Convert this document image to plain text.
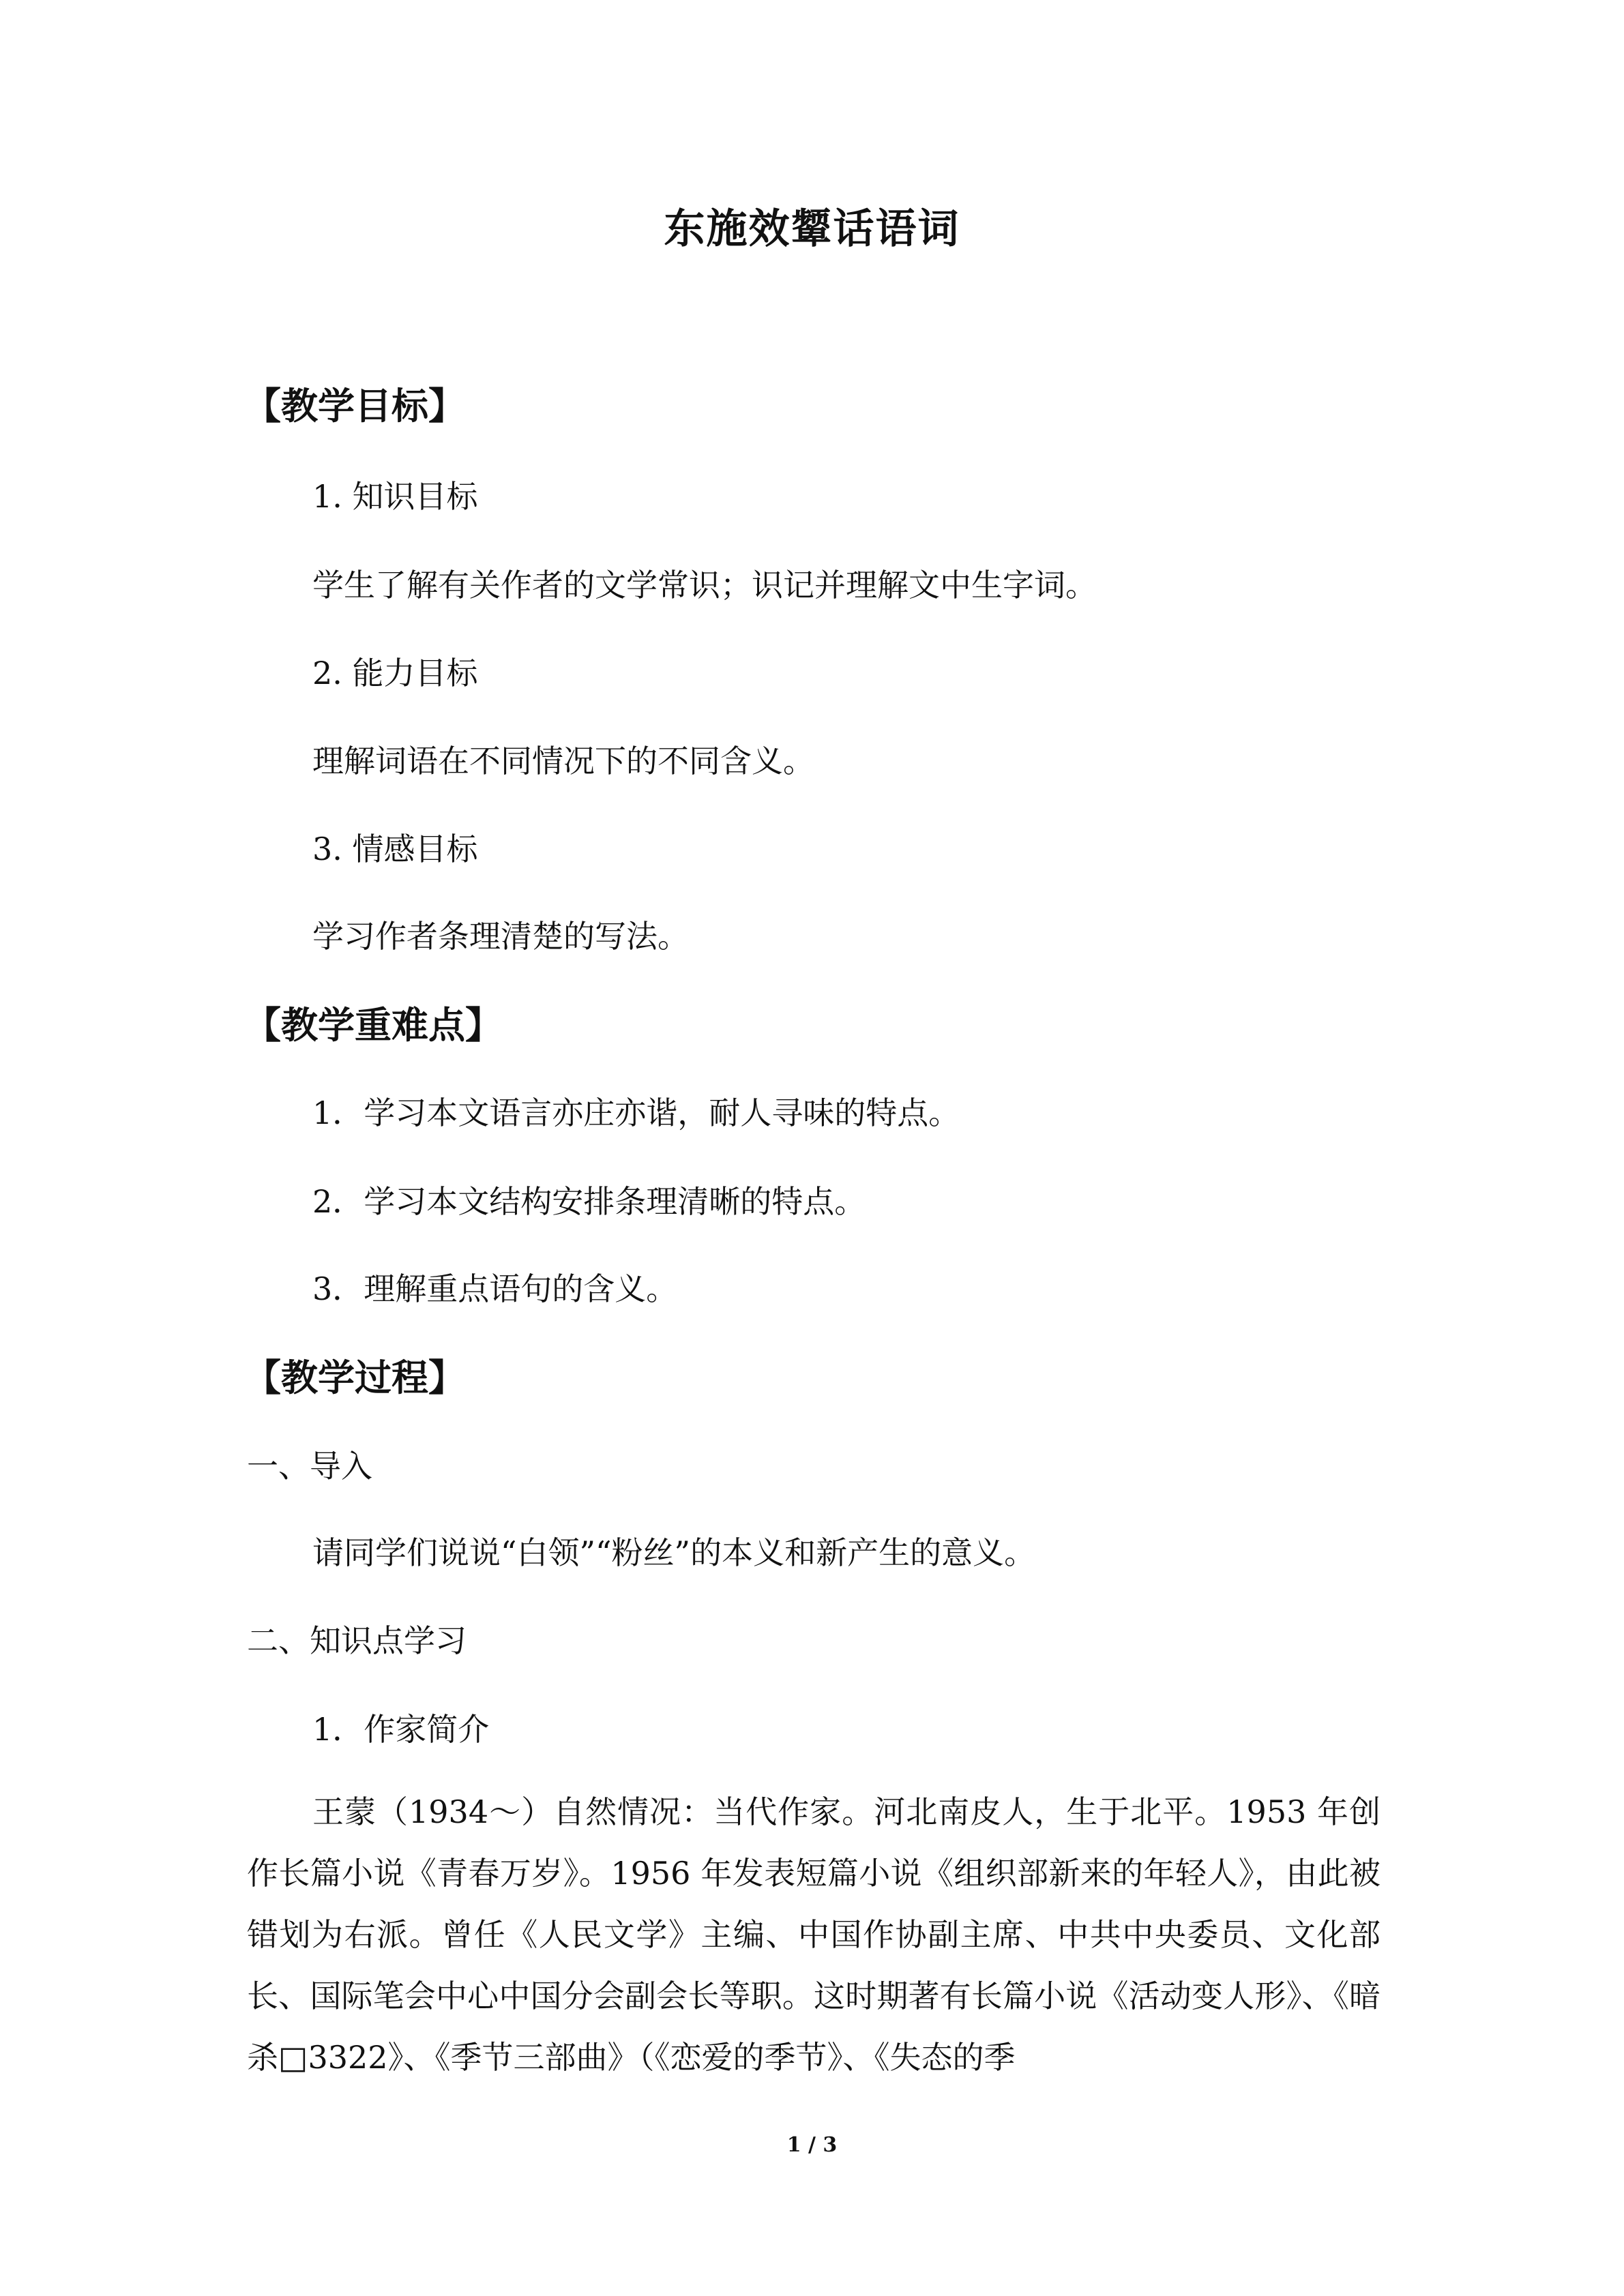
东施效颦话语词
【教学目标】
1. 知识目标
学生了解有关作者的文学常识；识记并理解文中生字词。
2. 能力目标
理解词语在不同情况下的不同含义。
3. 情感目标
学习作者条理清楚的写法。
【教学重难点】
1．学习本文语言亦庄亦谐，耐人寻味的特点。
2．学习本文结构安排条理清晰的特点。
3．理解重点语句的含义。
【教学过程】
一、导入
请同学们说说“白领”“粉丝”的本义和新产生的意义。
二、知识点学习
1．作家简介
王蒙（1934～）自然情况：当代作家。河北南皮人，生于北平。1953 年创作长篇小说《青春万岁》。1956 年发表短篇小说《组织部新来的年轻人》，由此被错划为右派。曾任《人民文学》主编、中国作协副主席、中共中央委员、文化部长、国际笔会中心中国分会副会长等职。这时期著有长篇小说《活动变人形》、《暗杀□3322》、《季节三部曲》（《恋爱的季节》、《失态的季
1 / 3
